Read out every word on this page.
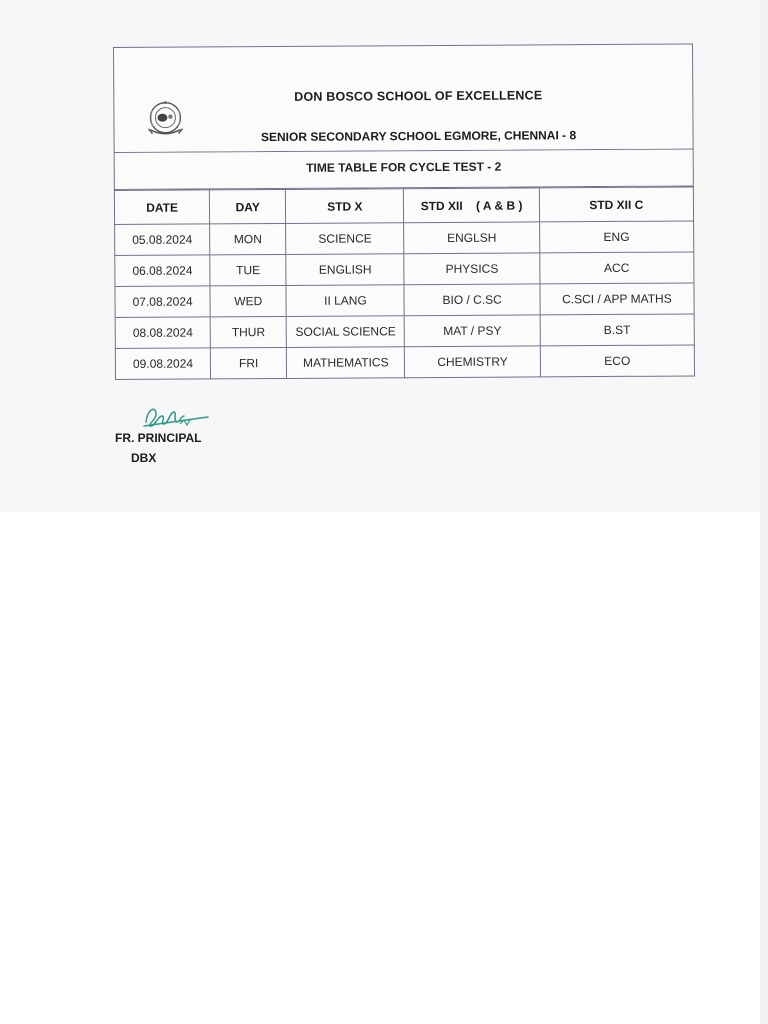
DON BOSCO SCHOOL OF EXCELLENCE
SENIOR SECONDARY SCHOOL EGMORE, CHENNAI - 8
TIME TABLE FOR CYCLE TEST - 2
DATE	DAY	STD X	STD XII    ( A & B )	STD XII C
05.08.2024	MON	SCIENCE	ENGLSH	ENG
06.08.2024	TUE	ENGLISH	PHYSICS	ACC
07.08.2024	WED	II LANG	BIO / C.SC	C.SCI / APP MATHS
08.08.2024	THUR	SOCIAL SCIENCE	MAT / PSY	B.ST
09.08.2024	FRI	MATHEMATICS	CHEMISTRY	ECO
FR. PRINCIPAL
DBX
